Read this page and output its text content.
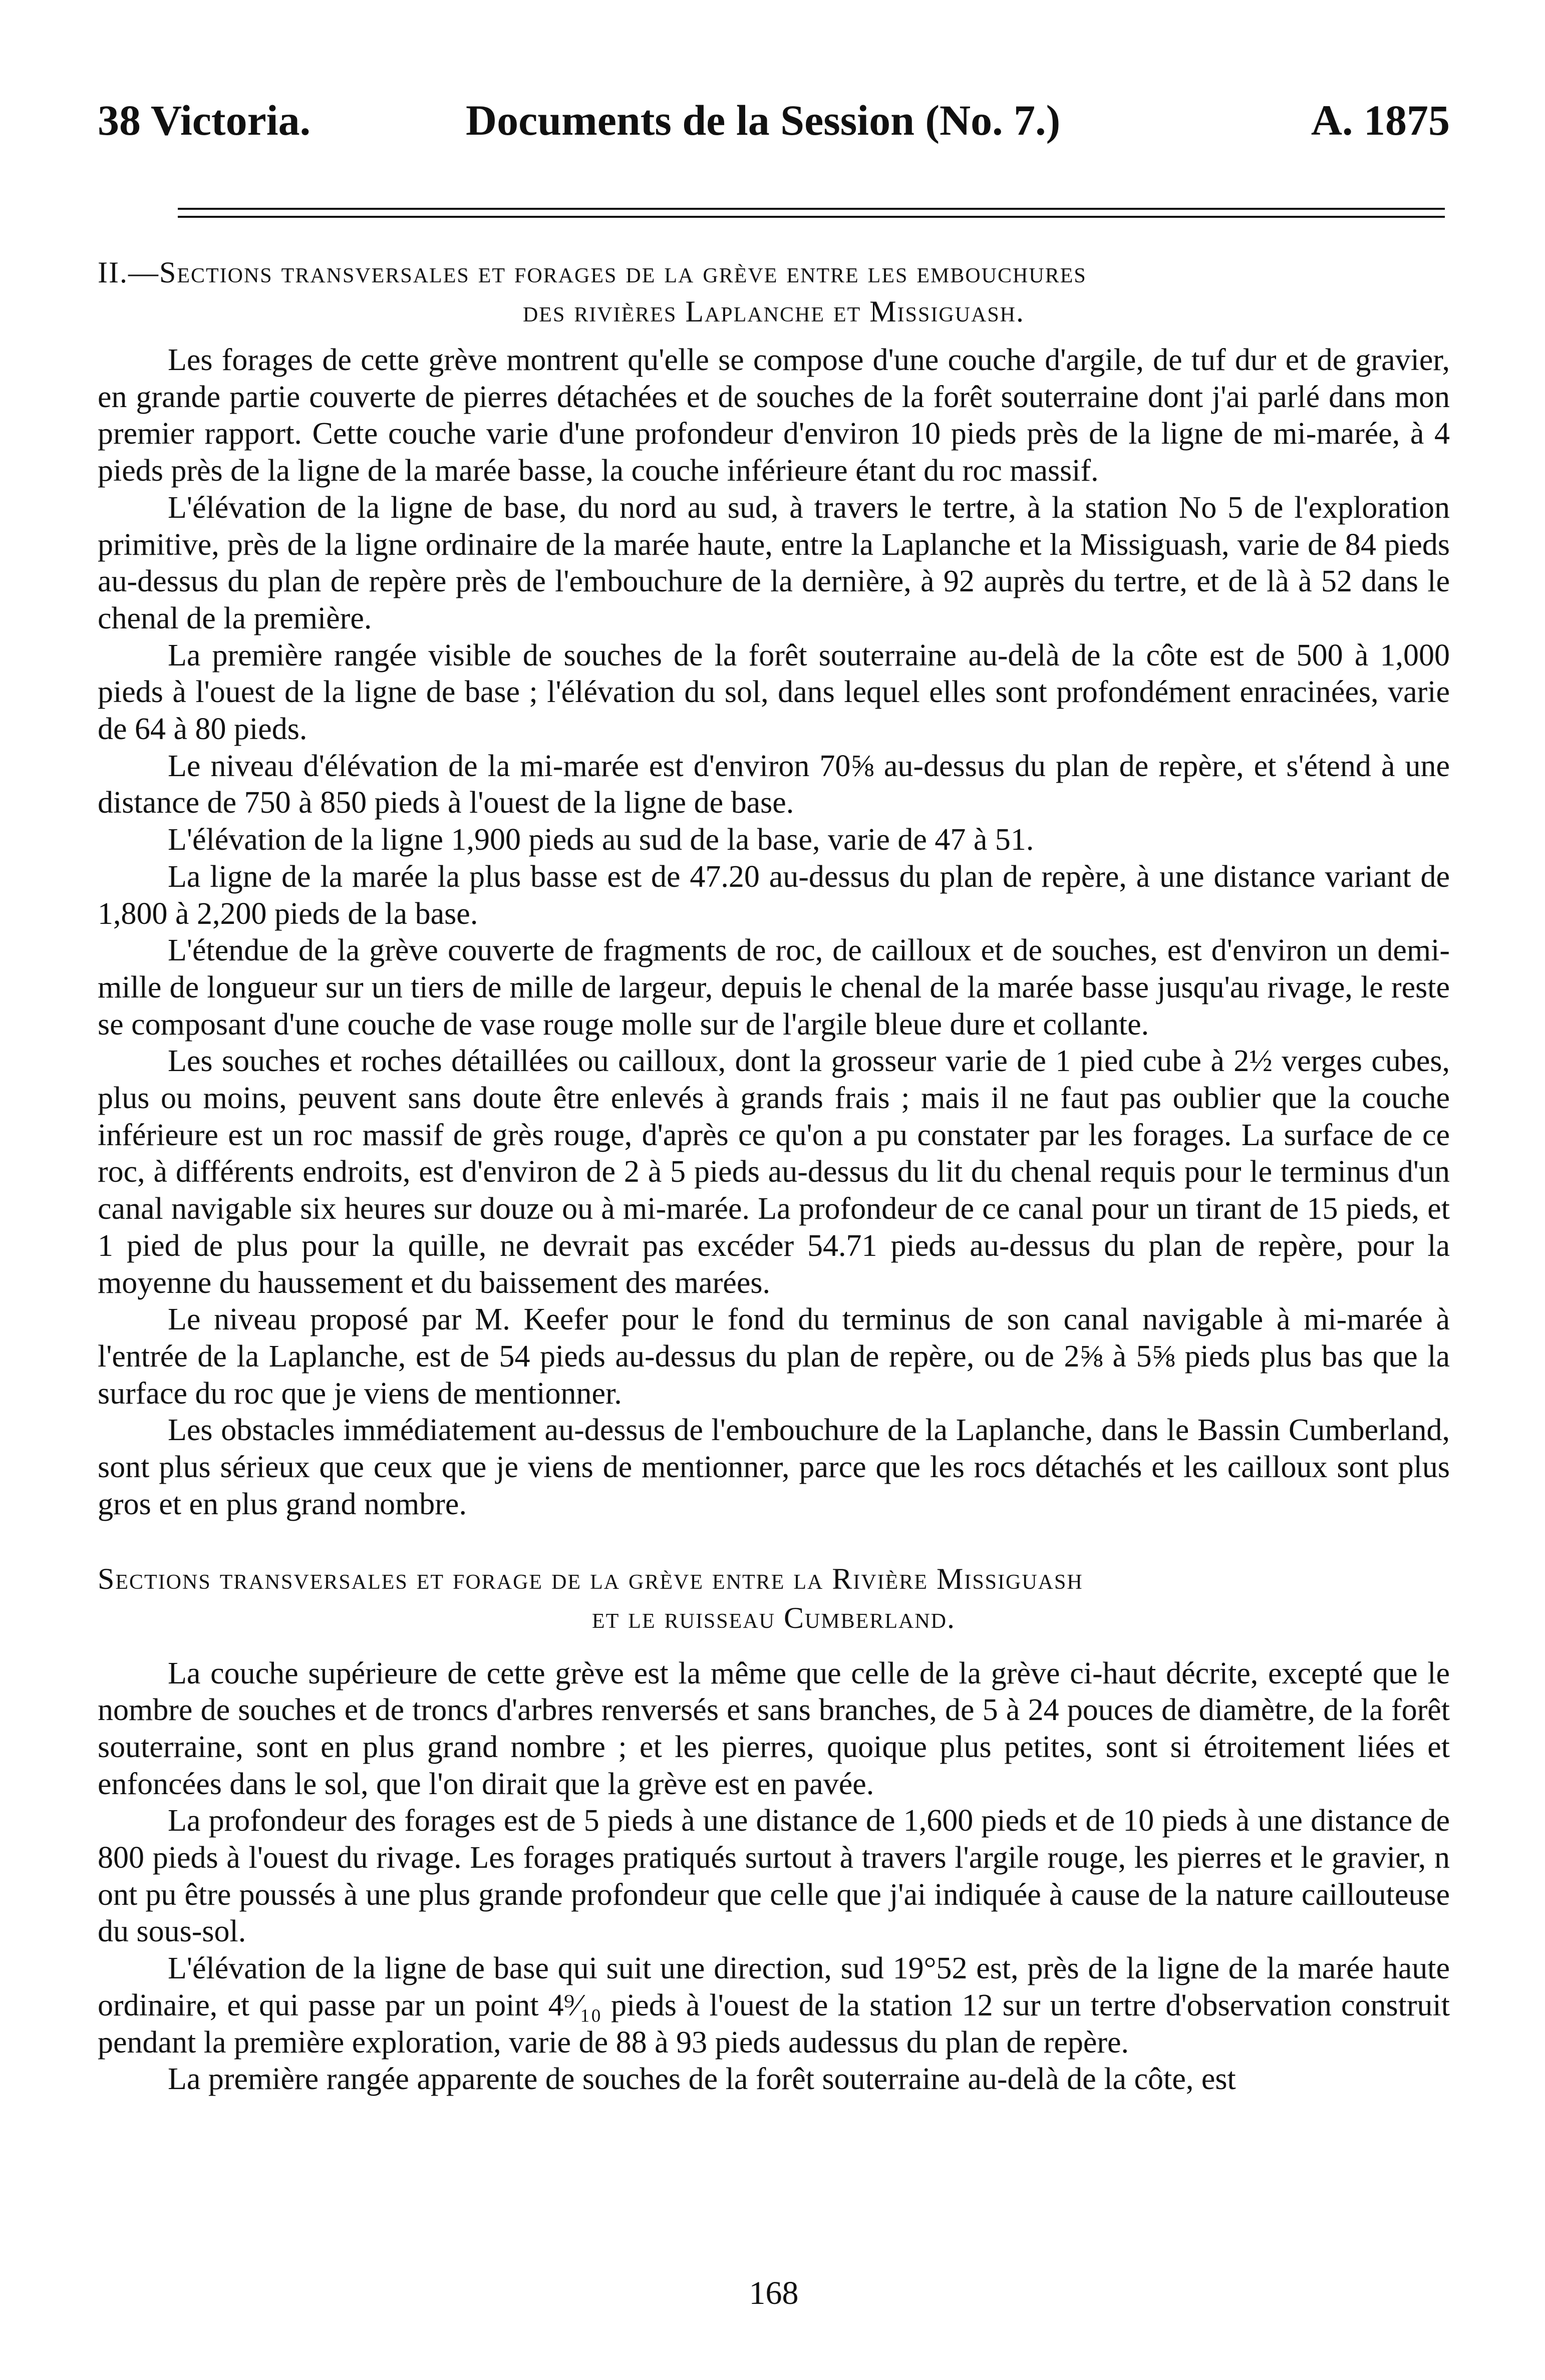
38 Victoria.	Documents de la Session (No. 7.)	A. 1875
II.—Sections transversales et forages de la grève entre les embouchures
des rivières Laplanche et Missiguash.

Les forages de cette grève montrent qu'elle se compose d'une couche d'argile, de tuf dur et de gravier, en grande partie couverte de pierres détachées et de souches de la forêt souterraine dont j'ai parlé dans mon premier rapport. Cette couche varie d'une profondeur d'environ 10 pieds près de la ligne de mi-marée, à 4 pieds près de la ligne de la marée basse, la couche inférieure étant du roc massif.

L'élévation de la ligne de base, du nord au sud, à travers le tertre, à la station No 5 de l'exploration primitive, près de la ligne ordinaire de la marée haute, entre la Laplanche et la Missiguash, varie de 84 pieds au-dessus du plan de repère près de l'embouchure de la dernière, à 92 auprès du tertre, et de là à 52 dans le chenal de la première.

La première rangée visible de souches de la forêt souterraine au-delà de la côte est de 500 à 1,000 pieds à l'ouest de la ligne de base ; l'élévation du sol, dans lequel elles sont profondément enracinées, varie de 64 à 80 pieds.

Le niveau d'élévation de la mi-marée est d'environ 70⅝ au-dessus du plan de repère, et s'étend à une distance de 750 à 850 pieds à l'ouest de la ligne de base.

L'élévation de la ligne 1,900 pieds au sud de la base, varie de 47 à 51.

La ligne de la marée la plus basse est de 47.20 au-dessus du plan de repère, à une distance variant de 1,800 à 2,200 pieds de la base.

L'étendue de la grève couverte de fragments de roc, de cailloux et de souches, est d'environ un demi-mille de longueur sur un tiers de mille de largeur, depuis le chenal de la marée basse jusqu'au rivage, le reste se composant d'une couche de vase rouge molle sur de l'argile bleue dure et collante.

Les souches et roches détaillées ou cailloux, dont la grosseur varie de 1 pied cube à 2½ verges cubes, plus ou moins, peuvent sans doute être enlevés à grands frais ; mais il ne faut pas oublier que la couche inférieure est un roc massif de grès rouge, d'après ce qu'on a pu constater par les forages. La surface de ce roc, à différents endroits, est d'environ de 2 à 5 pieds au-dessus du lit du chenal requis pour le terminus d'un canal navigable six heures sur douze ou à mi-marée. La profondeur de ce canal pour un tirant de 15 pieds, et 1 pied de plus pour la quille, ne devrait pas excéder 54.71 pieds au-dessus du plan de repère, pour la moyenne du haussement et du baissement des marées.

Le niveau proposé par M. Keefer pour le fond du terminus de son canal navigable à mi-marée à l'entrée de la Laplanche, est de 54 pieds au-dessus du plan de repère, ou de 2⅝ à 5⅝ pieds plus bas que la surface du roc que je viens de mentionner.

Les obstacles immédiatement au-dessus de l'embouchure de la Laplanche, dans le Bassin Cumberland, sont plus sérieux que ceux que je viens de mentionner, parce que les rocs détachés et les cailloux sont plus gros et en plus grand nombre.

Sections transversales et forage de la grève entre la Rivière Missiguash
et le ruisseau Cumberland.

La couche supérieure de cette grève est la même que celle de la grève ci-haut décrite, excepté que le nombre de souches et de troncs d'arbres renversés et sans branches, de 5 à 24 pouces de diamètre, de la forêt souterraine, sont en plus grand nombre ; et les pierres, quoique plus petites, sont si étroitement liées et enfoncées dans le sol, que l'on dirait que la grève est en pavée.

La profondeur des forages est de 5 pieds à une distance de 1,600 pieds et de 10 pieds à une distance de 800 pieds à l'ouest du rivage. Les forages pratiqués surtout à travers l'argile rouge, les pierres et le gravier, n ont pu être poussés à une plus grande profondeur que celle que j'ai indiquée à cause de la nature caillouteuse du sous-sol.

L'élévation de la ligne de base qui suit une direction, sud 19°52 est, près de la ligne de la marée haute ordinaire, et qui passe par un point 4⁹⁄₁₀ pieds à l'ouest de la station 12 sur un tertre d'observation construit pendant la première exploration, varie de 88 à 93 pieds audessus du plan de repère.

La première rangée apparente de souches de la forêt souterraine au-delà de la côte, est

168
